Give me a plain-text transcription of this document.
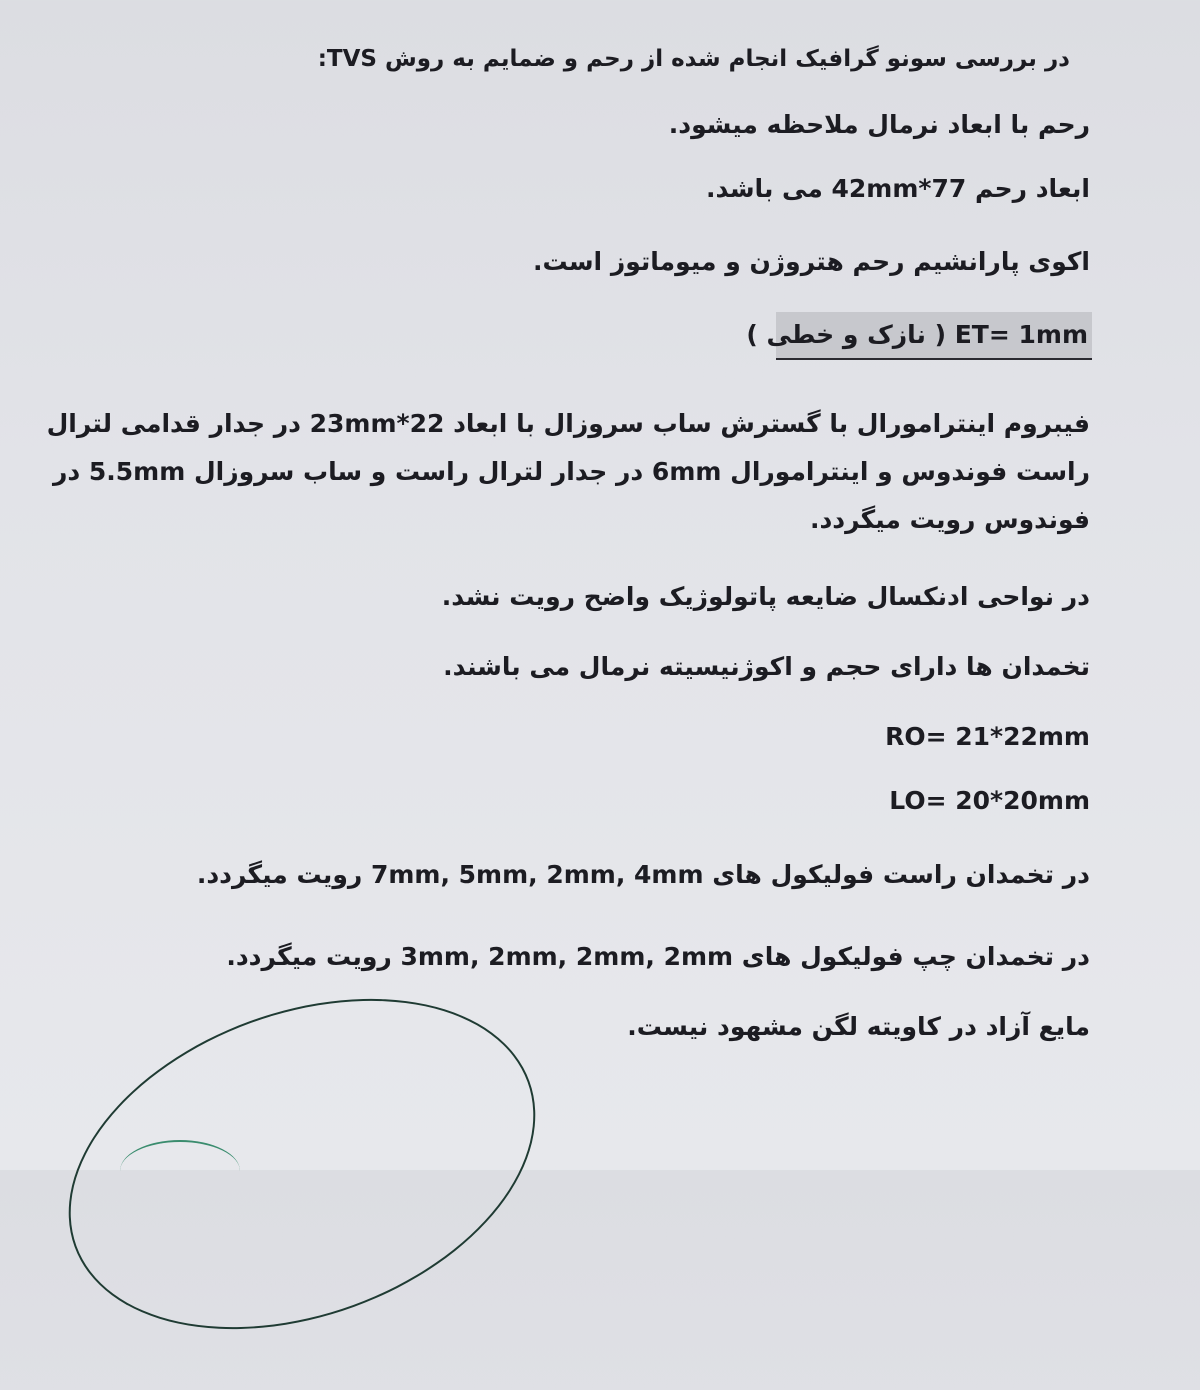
در بررسی سونو گرافیک انجام شده از رحم و ضمایم به روش TVS:
رحم با ابعاد نرمال ملاحظه میشود.
ابعاد رحم 77*42mm می باشد.
اکوی پارانشیم رحم هتروژن و میوماتوز است.
ET= 1mm ( نازک و خطی )
فیبروم اینترامورال با گسترش ساب سروزال با ابعاد 22*23mm در جدار قدامی لترال راست فوندوس و اینترامورال 6mm در جدار لترال راست و ساب سروزال 5.5mm در فوندوس رویت میگردد.
در نواحی ادنکسال ضایعه پاتولوژیک واضح رویت نشد.
تخمدان ها دارای حجم و اکوژنیسیته نرمال می باشند.
RO= 21*22mm
LO= 20*20mm
در تخمدان راست فولیکول های 7mm, 5mm, 2mm, 4mm رویت میگردد.
در تخمدان چپ فولیکول های 3mm, 2mm, 2mm, 2mm رویت میگردد.
مایع آزاد در کاویته لگن مشهود نیست.
